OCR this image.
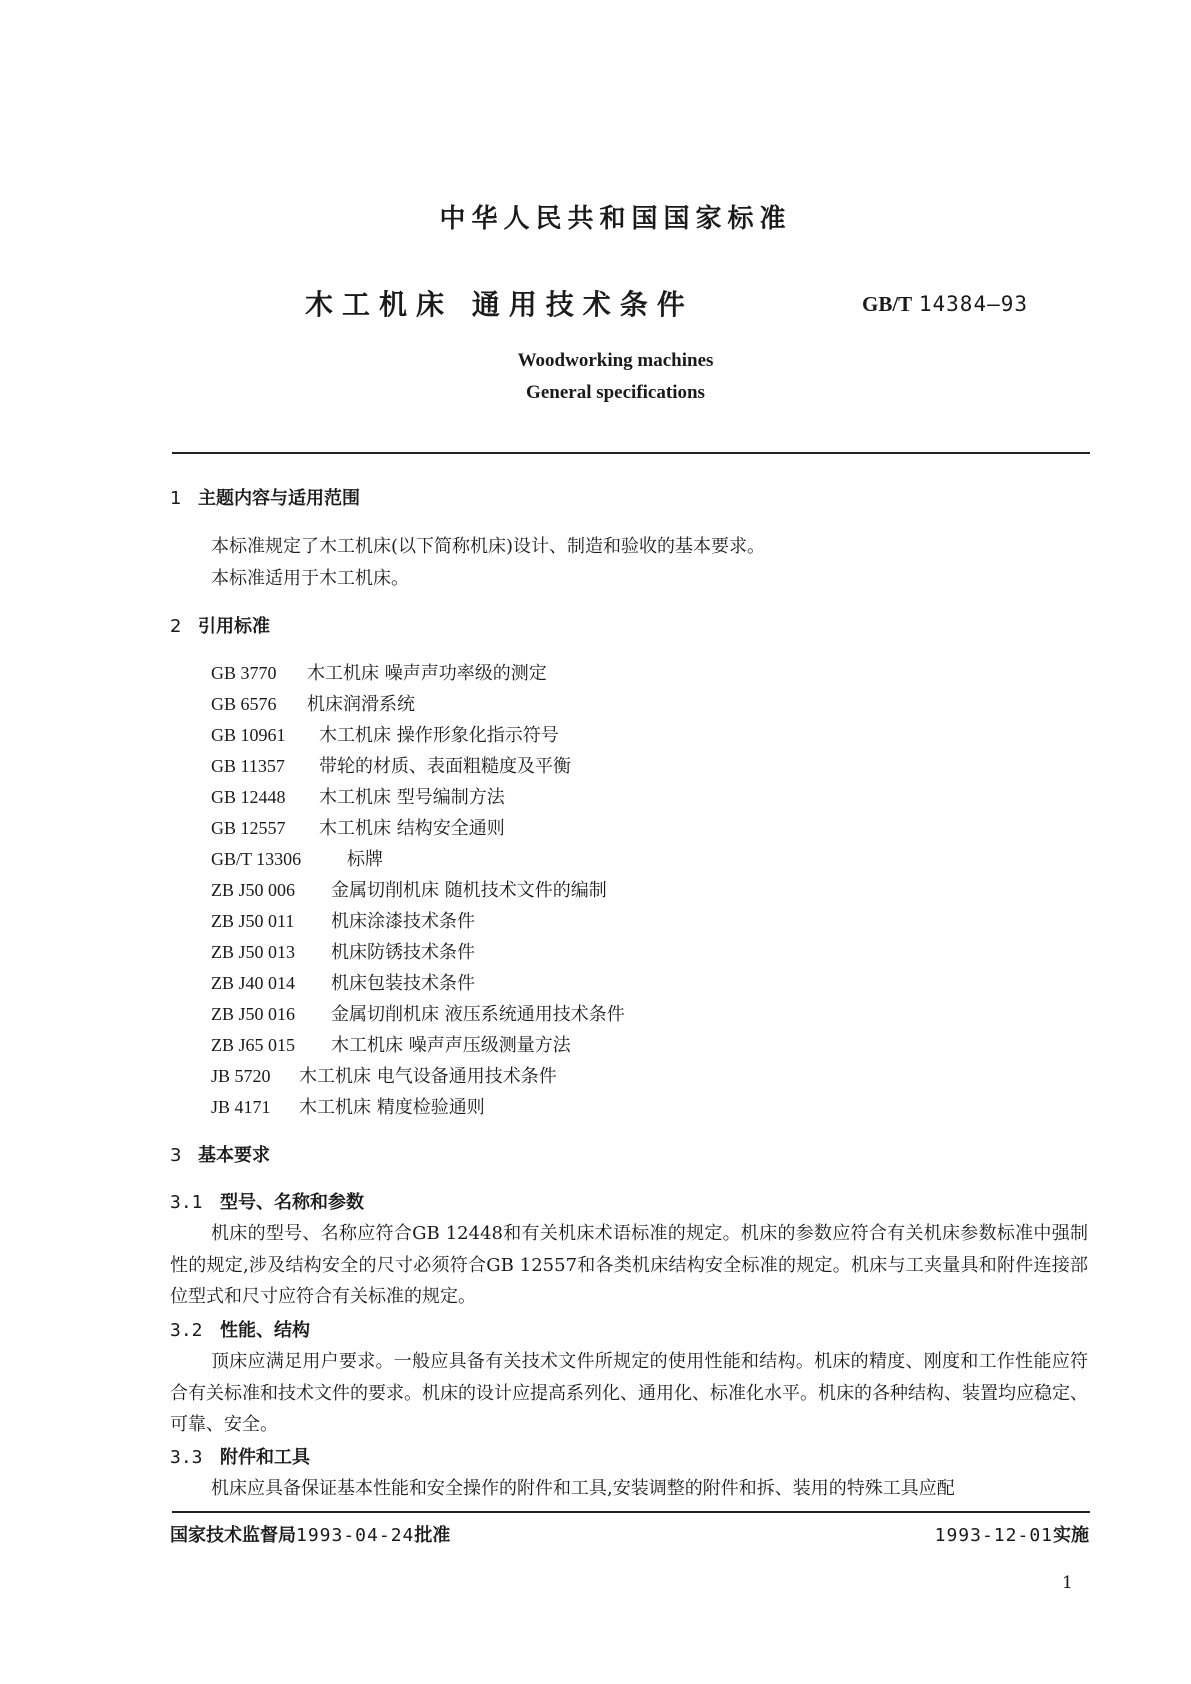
中华人民共和国国家标准
木工机床 通用技术条件	GB/T 14384—93
Woodworking machines
General specifications
1 主题内容与适用范围
本标准规定了木工机床(以下简称机床)设计、制造和验收的基本要求。
本标准适用于木工机床。
2 引用标准
GB 3770 木工机床 噪声声功率级的测定
GB 6576 机床润滑系统
GB 10961 木工机床 操作形象化指示符号
GB 11357 带轮的材质、表面粗糙度及平衡
GB 12448 木工机床 型号编制方法
GB 12557 木工机床 结构安全通则
GB/T 13306	标牌
ZB J50 006 金属切削机床 随机技术文件的编制
ZB J50 011 机床涂漆技术条件
ZB J50 013 机床防锈技术条件
ZB J40 014 机床包装技术条件
ZB J50 016 金属切削机床 液压系统通用技术条件
ZB J65 015 木工机床 噪声声压级测量方法
JB 5720 木工机床 电气设备通用技术条件
JB 4171 木工机床 精度检验通则
3 基本要求
3.1 型号、名称和参数
机床的型号、名称应符合GB 12448和有关机床术语标准的规定。机床的参数应符合有关机床参数标准中强制性的规定,涉及结构安全的尺寸必须符合GB 12557和各类机床结构安全标准的规定。机床与工夹量具和附件连接部位型式和尺寸应符合有关标准的规定。
3.2 性能、结构
顶床应满足用户要求。一般应具备有关技术文件所规定的使用性能和结构。机床的精度、刚度和工作性能应符合有关标准和技术文件的要求。机床的设计应提高系列化、通用化、标准化水平。机床的各种结构、装置均应稳定、可靠、安全。
3.3 附件和工具
机床应具备保证基本性能和安全操作的附件和工具,安装调整的附件和拆、装用的特殊工具应配
国家技术监督局1993-04-24批准	1993-12-01实施
1
